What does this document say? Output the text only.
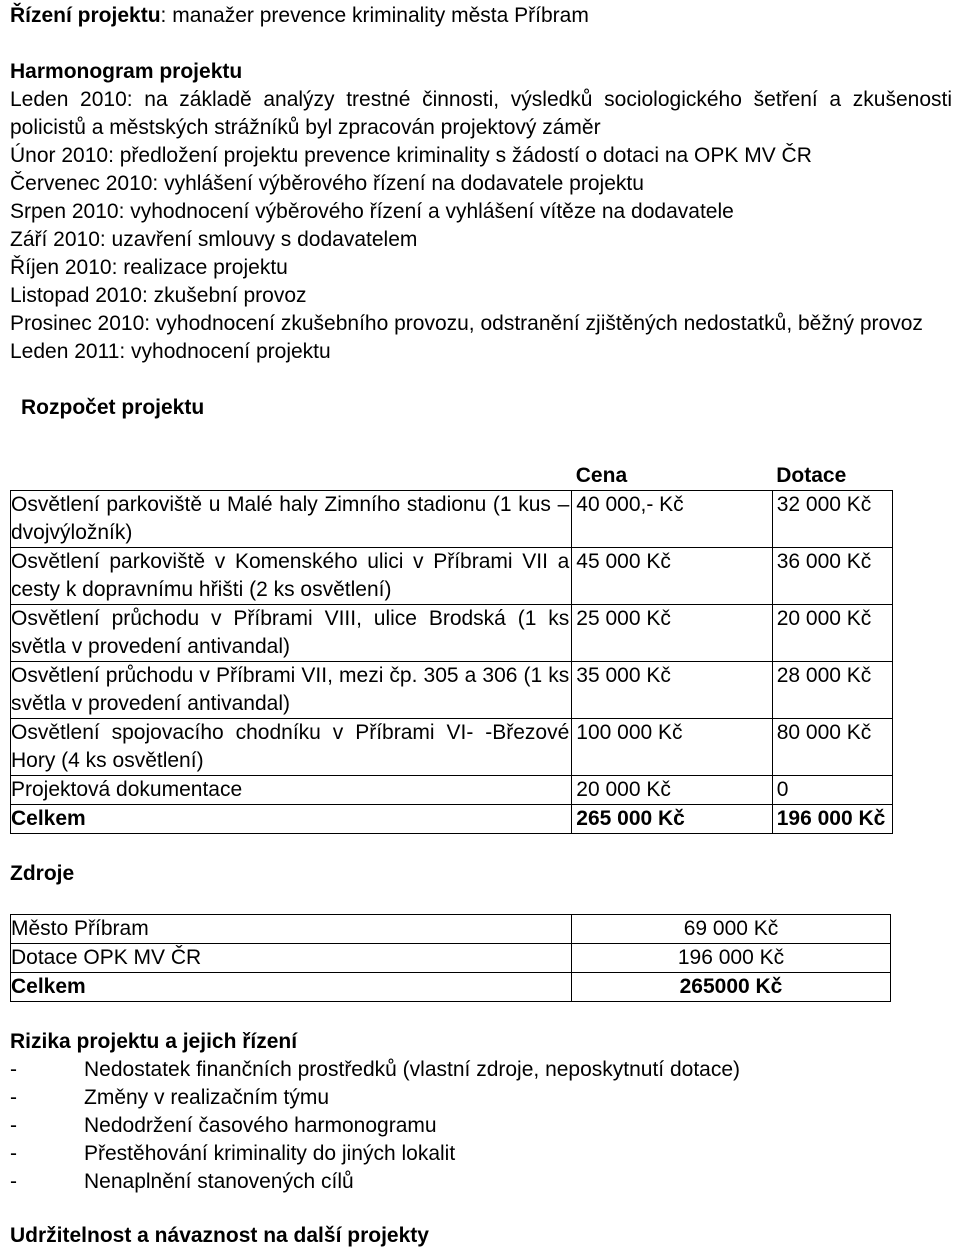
Řízení projektu: manažer prevence kriminality města Příbram

Harmonogram projektu

Leden 2010: na základě analýzy trestné činnosti, výsledků sociologického šetření a zkušenosti policistů a městských strážníků byl zpracován projektový záměr

Únor 2010: předložení projektu prevence kriminality s žádostí o dotaci na OPK MV ČR

Červenec 2010: vyhlášení výběrového řízení na dodavatele projektu

Srpen 2010: vyhodnocení výběrového řízení a vyhlášení vítěze na dodavatele

Září 2010: uzavření smlouvy s dodavatelem

Říjen 2010: realizace projektu

Listopad 2010: zkušební provoz

Prosinec 2010: vyhodnocení zkušebního provozu, odstranění zjištěných nedostatků, běžný provoz

Leden 2011: vyhodnocení projektu

Rozpočet projektu

	Cena	Dotace
Osvětlení parkoviště u Malé haly Zimního stadionu (1 kus – dvojvýložník)	40 000,- Kč	32 000 Kč
Osvětlení parkoviště v Komenského ulici v Příbrami VII a cesty k dopravnímu hřišti (2 ks osvětlení)	45 000 Kč	36 000 Kč
Osvětlení průchodu v Příbrami VIII, ulice Brodská (1 ks světla v provedení antivandal)	25 000 Kč	20 000 Kč
Osvětlení průchodu v Příbrami VII, mezi čp. 305 a 306 (1 ks světla v provedení antivandal)	35 000 Kč	28 000 Kč
Osvětlení spojovacího chodníku v Příbrami VI- -Březové Hory (4 ks osvětlení)	100 000 Kč	80 000 Kč
Projektová dokumentace	20 000 Kč	0
Celkem	265 000 Kč	196 000 Kč

Zdroje

Město Příbram	69 000 Kč
Dotace OPK MV ČR	196 000 Kč
Celkem	265000 Kč

Rizika projektu a jejich řízení

-	Nedostatek finančních prostředků (vlastní zdroje, neposkytnutí dotace)
-	Změny v realizačním týmu
-	Nedodržení časového harmonogramu
-	Přestěhování kriminality do jiných lokalit
-	Nenaplnění stanovených cílů

Udržitelnost a návaznost na další projekty
